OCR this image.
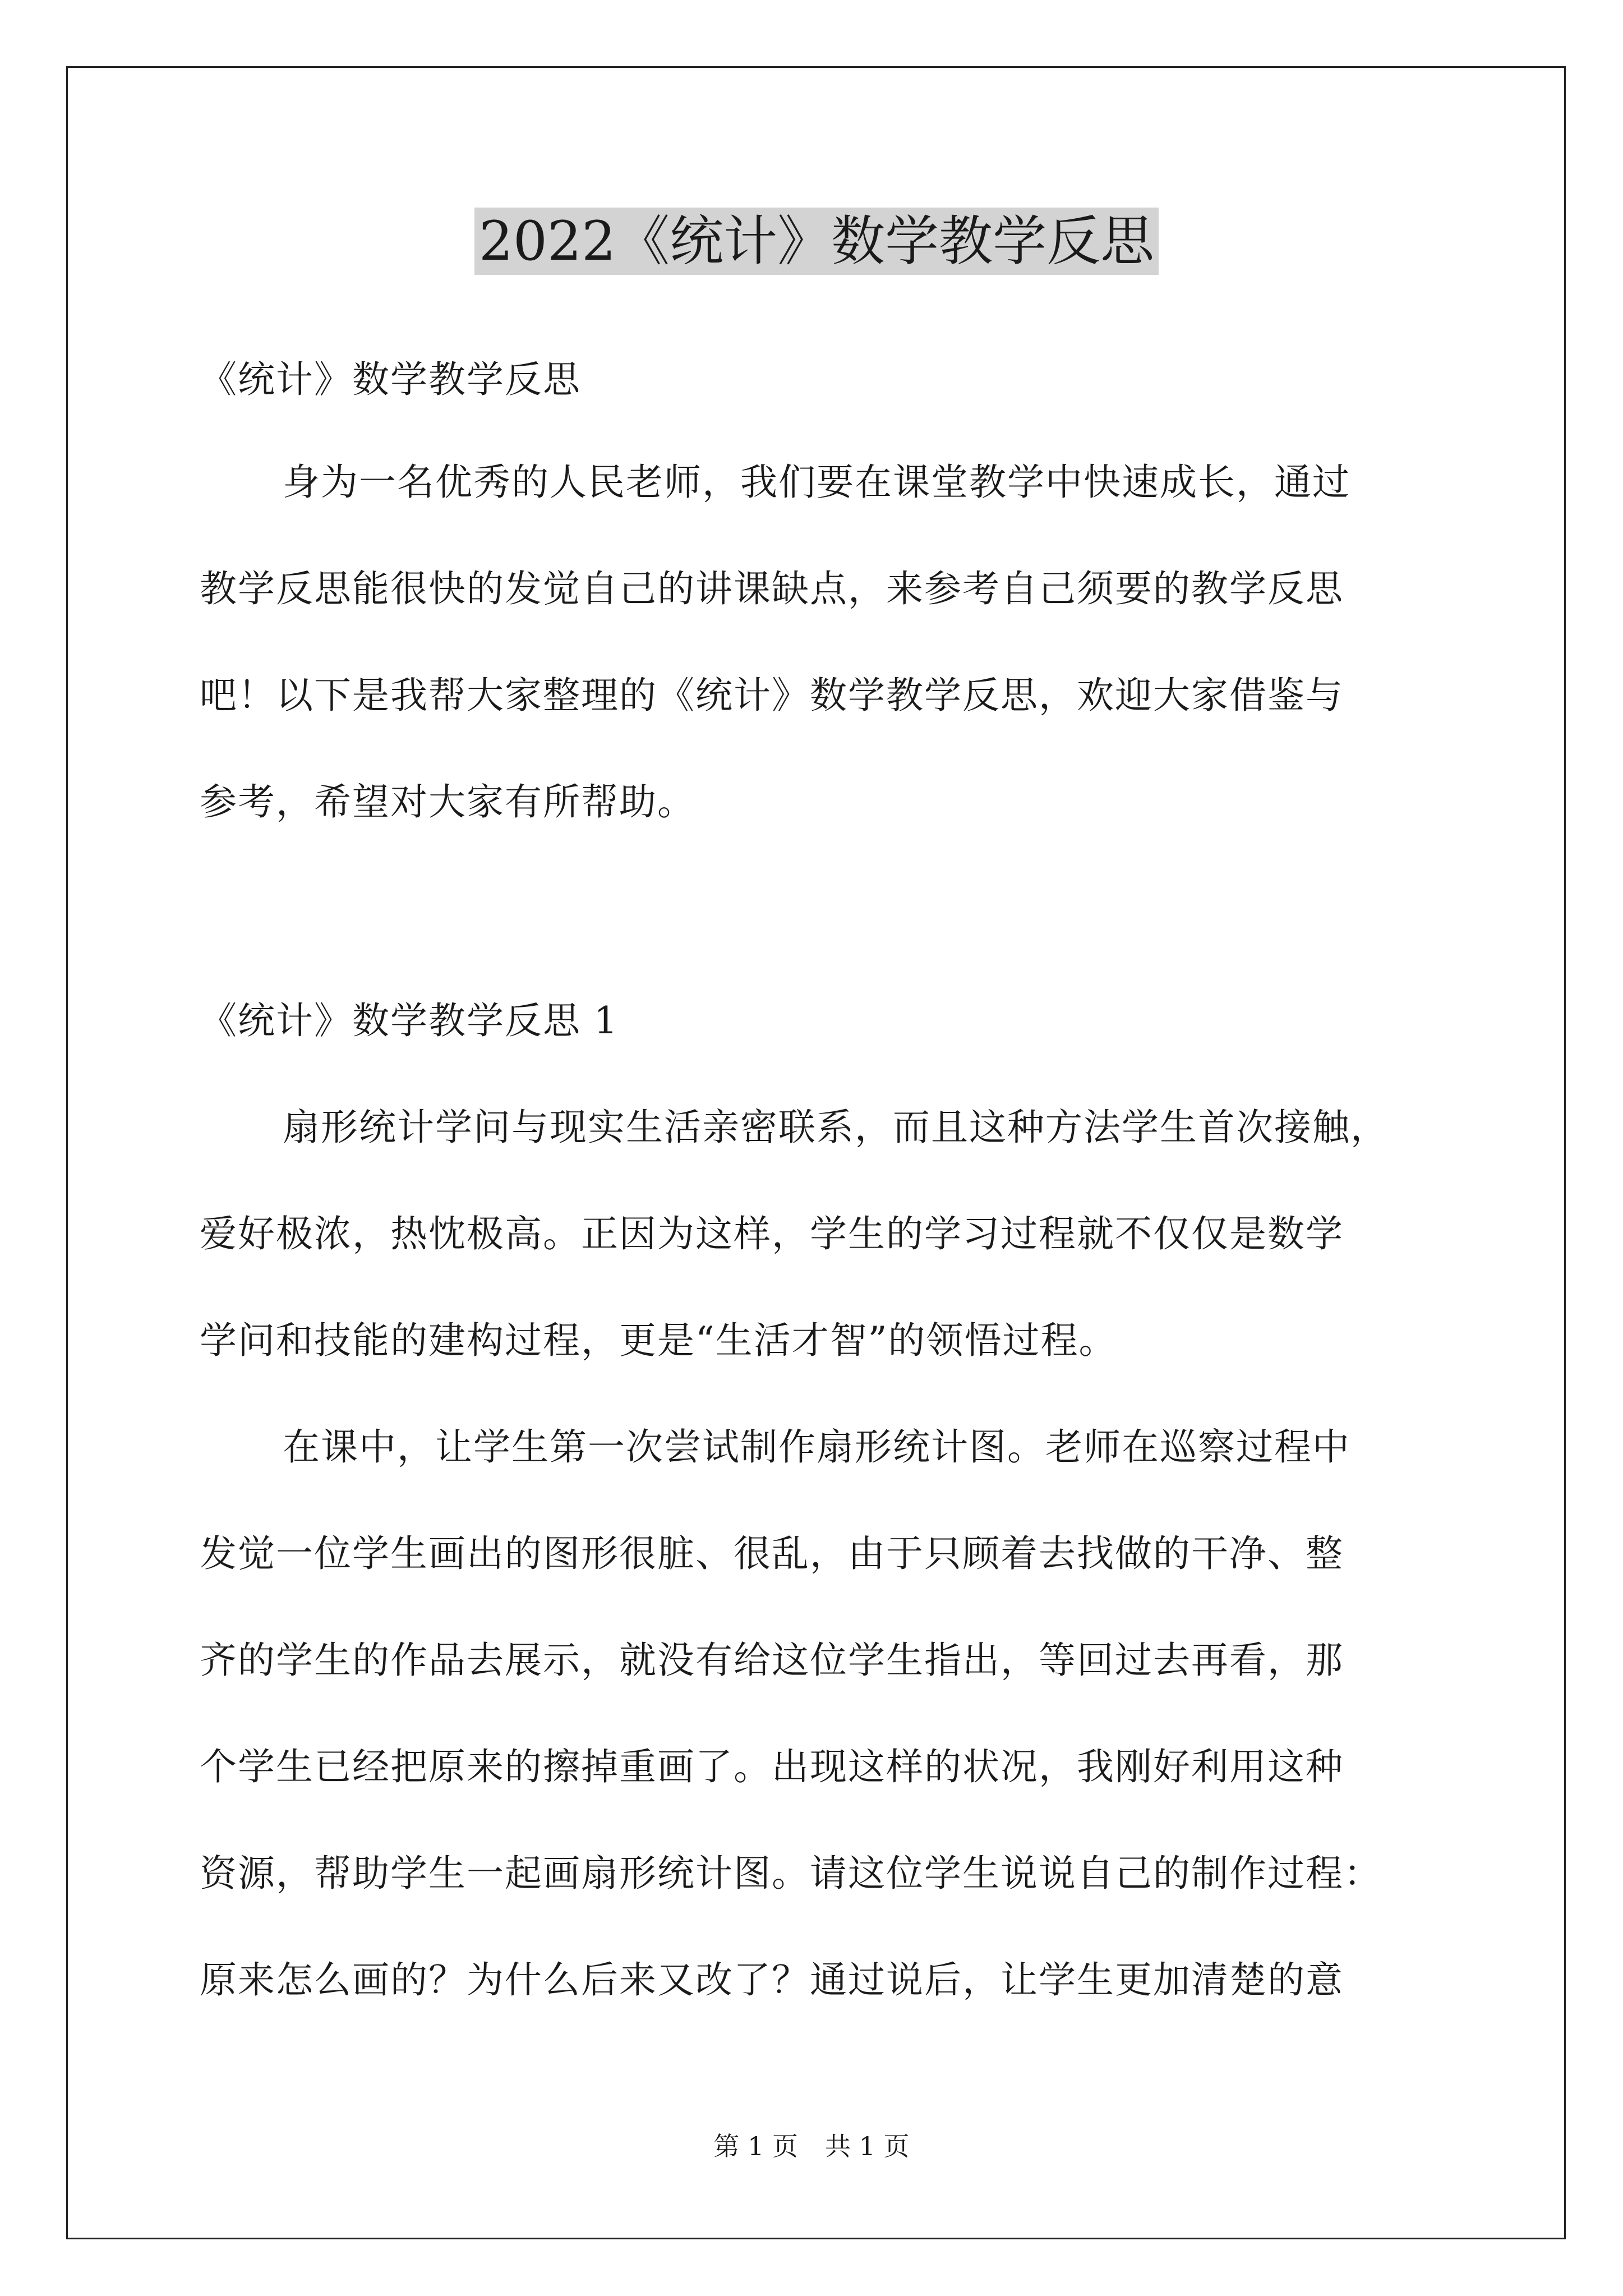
2022《统计》数学教学反思
《统计》数学教学反思
身为一名优秀的人民老师，我们要在课堂教学中快速成长，通过
教学反思能很快的发觉自己的讲课缺点，来参考自己须要的教学反思
吧！以下是我帮大家整理的《统计》数学教学反思，欢迎大家借鉴与
参考，希望对大家有所帮助。
《统计》数学教学反思 1
扇形统计学问与现实生活亲密联系，而且这种方法学生首次接触，
爱好极浓，热忱极高。正因为这样，学生的学习过程就不仅仅是数学
学问和技能的建构过程，更是“生活才智”的领悟过程。
在课中，让学生第一次尝试制作扇形统计图。老师在巡察过程中
发觉一位学生画出的图形很脏、很乱，由于只顾着去找做的干净、整
齐的学生的作品去展示，就没有给这位学生指出，等回过去再看，那
个学生已经把原来的擦掉重画了。出现这样的状况，我刚好利用这种
资源，帮助学生一起画扇形统计图。请这位学生说说自己的制作过程：
原来怎么画的？为什么后来又改了？通过说后，让学生更加清楚的意
第 1 页 共 1 页
